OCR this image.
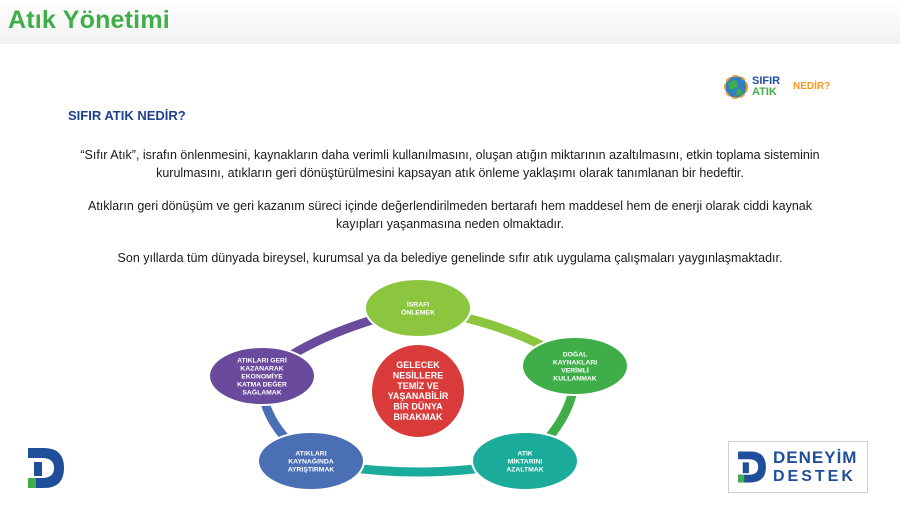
Atık Yönetimi
SIFIR
ATIK NEDİR?
SIFIR ATIK NEDİR?
“Sıfır Atık”, israfın önlenmesini, kaynakların daha verimli kullanılmasını, oluşan atığın miktarının azaltılmasını, etkin toplama sisteminin
kurulmasını, atıkların geri dönüştürülmesini kapsayan atık önleme yaklaşımı olarak tanımlanan bir hedeftir.
Atıkların geri dönüşüm ve geri kazanım süreci içinde değerlendirilmeden bertarafı hem maddesel hem de enerji olarak ciddi kaynak
kayıpları yaşanmasına neden olmaktadır.
Son yıllarda tüm dünyada bireysel, kurumsal ya da belediye genelinde sıfır atık uygulama çalışmaları yaygınlaşmaktadır.
GELECEK
NESİLLERE
TEMİZ VE
YAŞANABİLİR
BİR DÜNYA
BIRAKMAK
İSRAFI
ÖNLEMEK
DOĞAL
KAYNAKLARI
VERİMLİ
KULLANMAK
ATIK
MİKTARINI
AZALTMAK
ATIKLARI
KAYNAĞINDA
AYRIŞTIRMAK
ATIKLARI GERİ
KAZANARAK
EKONOMİYE
KATMA DEĞER
SAĞLAMAK
DENEYİM
DESTEK
